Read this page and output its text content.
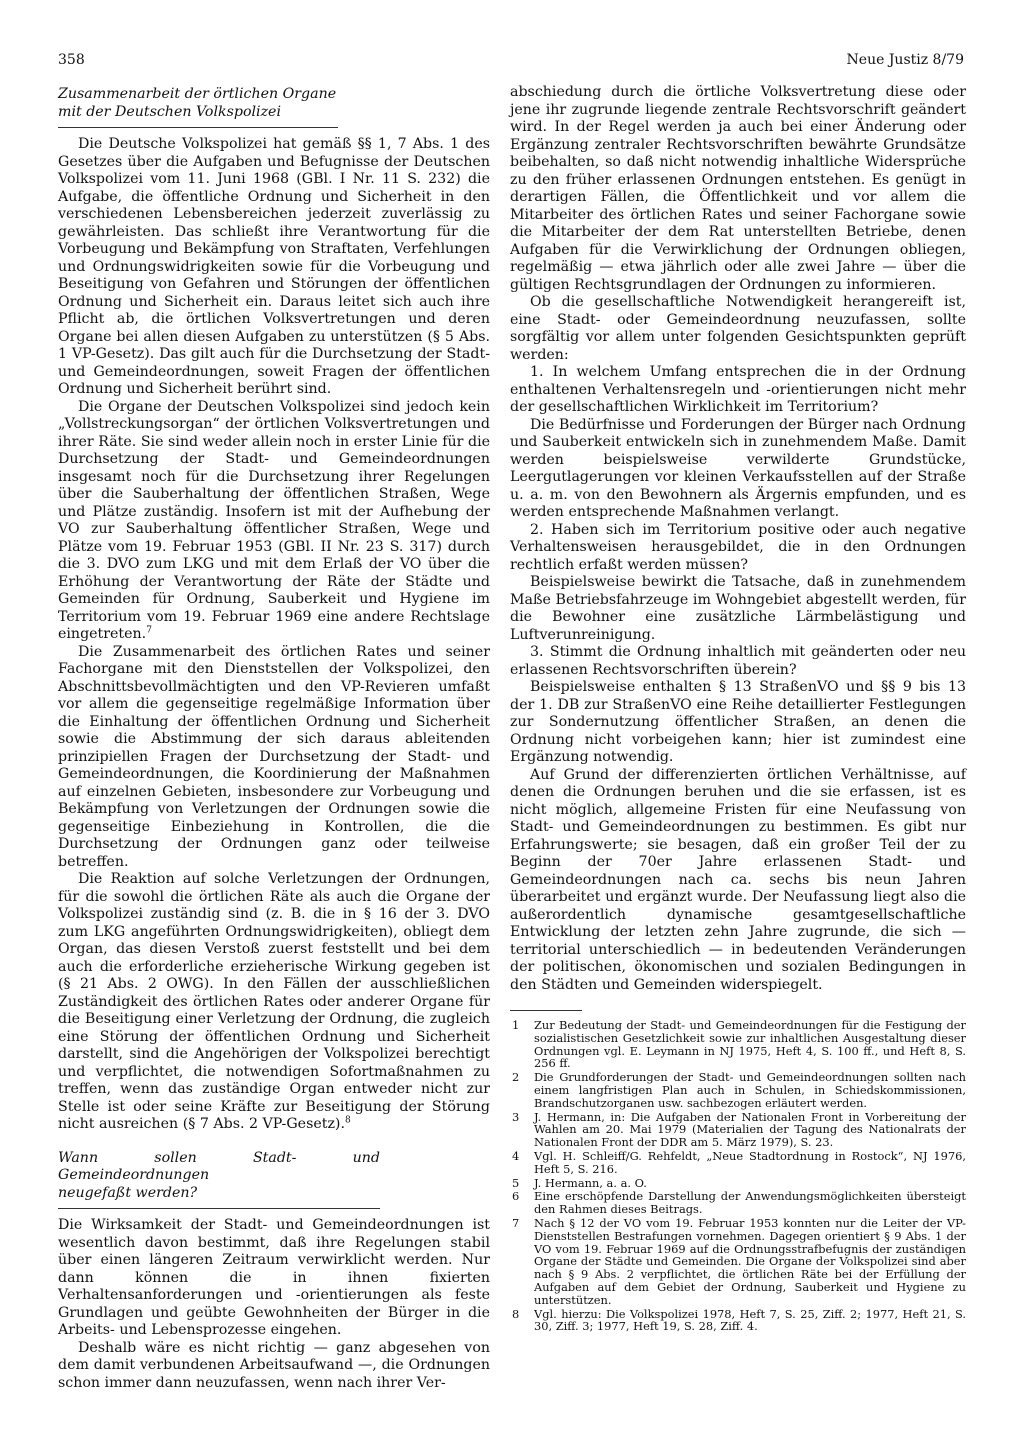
358	Neue Justiz 8/79
Zusammenarbeit der örtlichen Organe
mit der Deutschen Volkspolizei

Die Deutsche Volkspolizei hat gemäß §§ 1, 7 Abs. 1 des Gesetzes über die Aufgaben und Befugnisse der Deutschen Volkspolizei vom 11. Juni 1968 (GBl. I Nr. 11 S. 232) die Aufgabe, die öffentliche Ordnung und Sicherheit in den verschiedenen Lebensbereichen jederzeit zuverlässig zu gewährleisten. Das schließt ihre Verantwortung für die Vorbeugung und Bekämpfung von Straftaten, Verfehlungen und Ordnungswidrigkeiten sowie für die Vorbeugung und Beseitigung von Gefahren und Störungen der öffentlichen Ordnung und Sicherheit ein. Daraus leitet sich auch ihre Pflicht ab, die örtlichen Volksvertretungen und deren Organe bei allen diesen Aufgaben zu unterstützen (§ 5 Abs. 1 VP-Gesetz). Das gilt auch für die Durchsetzung der Stadt- und Gemeindeordnungen, soweit Fragen der öffentlichen Ordnung und Sicherheit berührt sind.

Die Organe der Deutschen Volkspolizei sind jedoch kein „Vollstreckungsorgan“ der örtlichen Volksvertretungen und ihrer Räte. Sie sind weder allein noch in erster Linie für die Durchsetzung der Stadt- und Gemeindeordnungen insgesamt noch für die Durchsetzung ihrer Regelungen über die Sauberhaltung der öffentlichen Straßen, Wege und Plätze zuständig. Insofern ist mit der Aufhebung der VO zur Sauberhaltung öffentlicher Straßen, Wege und Plätze vom 19. Februar 1953 (GBl. II Nr. 23 S. 317) durch die 3. DVO zum LKG und mit dem Erlaß der VO über die Erhöhung der Verantwortung der Räte der Städte und Gemeinden für Ordnung, Sauberkeit und Hygiene im Territorium vom 19. Februar 1969 eine andere Rechtslage eingetreten.$^7$

Die Zusammenarbeit des örtlichen Rates und seiner Fachorgane mit den Dienststellen der Volkspolizei, den Abschnittsbevollmächtigten und den VP-Revieren umfaßt vor allem die gegenseitige regelmäßige Information über die Einhaltung der öffentlichen Ordnung und Sicherheit sowie die Abstimmung der sich daraus ableitenden prinzipiellen Fragen der Durchsetzung der Stadt- und Gemeindeordnungen, die Koordinierung der Maßnahmen auf einzelnen Gebieten, insbesondere zur Vorbeugung und Bekämpfung von Verletzungen der Ordnungen sowie die gegenseitige Einbeziehung in Kontrollen, die die Durchsetzung der Ordnungen ganz oder teilweise betreffen.

Die Reaktion auf solche Verletzungen der Ordnungen, für die sowohl die örtlichen Räte als auch die Organe der Volkspolizei zuständig sind (z. B. die in § 16 der 3. DVO zum LKG angeführten Ordnungswidrigkeiten), obliegt dem Organ, das diesen Verstoß zuerst feststellt und bei dem auch die erforderliche erzieherische Wirkung gegeben ist (§ 21 Abs. 2 OWG). In den Fällen der ausschließlichen Zuständigkeit des örtlichen Rates oder anderer Organe für die Beseitigung einer Verletzung der Ordnung, die zugleich eine Störung der öffentlichen Ordnung und Sicherheit darstellt, sind die Angehörigen der Volkspolizei berechtigt und verpflichtet, die notwendigen Sofortmaßnahmen zu treffen, wenn das zuständige Organ entweder nicht zur Stelle ist oder seine Kräfte zur Beseitigung der Störung nicht ausreichen (§ 7 Abs. 2 VP-Gesetz).$^8$

Wann sollen Stadt- und Gemeindeordnungen
neugefaßt werden?

Die Wirksamkeit der Stadt- und Gemeindeordnungen ist wesentlich davon bestimmt, daß ihre Regelungen stabil über einen längeren Zeitraum verwirklicht werden. Nur dann können die in ihnen fixierten Verhaltensanforderungen und -orientierungen als feste Grundlagen und geübte Gewohnheiten der Bürger in die Arbeits- und Lebensprozesse eingehen.

Deshalb wäre es nicht richtig — ganz abgesehen von dem damit verbundenen Arbeitsaufwand —, die Ordnungen schon immer dann neuzufassen, wenn nach ihrer Ver-

abschiedung durch die örtliche Volksvertretung diese oder jene ihr zugrunde liegende zentrale Rechtsvorschrift geändert wird. In der Regel werden ja auch bei einer Änderung oder Ergänzung zentraler Rechtsvorschriften bewährte Grundsätze beibehalten, so daß nicht notwendig inhaltliche Widersprüche zu den früher erlassenen Ordnungen entstehen. Es genügt in derartigen Fällen, die Öffentlichkeit und vor allem die Mitarbeiter des örtlichen Rates und seiner Fachorgane sowie die Mitarbeiter der dem Rat unterstellten Betriebe, denen Aufgaben für die Verwirklichung der Ordnungen obliegen, regelmäßig — etwa jährlich oder alle zwei Jahre — über die gültigen Rechtsgrundlagen der Ordnungen zu informieren.

Ob die gesellschaftliche Notwendigkeit herangereift ist, eine Stadt- oder Gemeindeordnung neuzufassen, sollte sorgfältig vor allem unter folgenden Gesichtspunkten geprüft werden:

1. In welchem Umfang entsprechen die in der Ordnung enthaltenen Verhaltensregeln und -orientierungen nicht mehr der gesellschaftlichen Wirklichkeit im Territorium?

Die Bedürfnisse und Forderungen der Bürger nach Ordnung und Sauberkeit entwickeln sich in zunehmendem Maße. Damit werden beispielsweise verwilderte Grundstücke, Leergutlagerungen vor kleinen Verkaufsstellen auf der Straße u. a. m. von den Bewohnern als Ärgernis empfunden, und es werden entsprechende Maßnahmen verlangt.

2. Haben sich im Territorium positive oder auch negative Verhaltensweisen herausgebildet, die in den Ordnungen rechtlich erfaßt werden müssen?

Beispielsweise bewirkt die Tatsache, daß in zunehmendem Maße Betriebsfahrzeuge im Wohngebiet abgestellt werden, für die Bewohner eine zusätzliche Lärmbelästigung und Luftverunreinigung.

3. Stimmt die Ordnung inhaltlich mit geänderten oder neu erlassenen Rechtsvorschriften überein?

Beispielsweise enthalten § 13 StraßenVO und §§ 9 bis 13 der 1. DB zur StraßenVO eine Reihe detaillierter Festlegungen zur Sondernutzung öffentlicher Straßen, an denen die Ordnung nicht vorbeigehen kann; hier ist zumindest eine Ergänzung notwendig.

Auf Grund der differenzierten örtlichen Verhältnisse, auf denen die Ordnungen beruhen und die sie erfassen, ist es nicht möglich, allgemeine Fristen für eine Neufassung von Stadt- und Gemeindeordnungen zu bestimmen. Es gibt nur Erfahrungswerte; sie besagen, daß ein großer Teil der zu Beginn der 70er Jahre erlassenen Stadt- und Gemeindeordnungen nach ca. sechs bis neun Jahren überarbeitet und ergänzt wurde. Der Neufassung liegt also die außerordentlich dynamische gesamtgesellschaftliche Entwicklung der letzten zehn Jahre zugrunde, die sich — territorial unterschiedlich — in bedeutenden Veränderungen der politischen, ökonomischen und sozialen Bedingungen in den Städten und Gemeinden widerspiegelt.

1	Zur Bedeutung der Stadt- und Gemeindeordnungen für die Festigung der sozialistischen Gesetzlichkeit sowie zur inhaltlichen Ausgestaltung dieser Ordnungen vgl. E. Leymann in NJ 1975, Heft 4, S. 100 ff., und Heft 8, S. 256 ff.
2	Die Grundforderungen der Stadt- und Gemeindeordnungen sollten nach einem langfristigen Plan auch in Schulen, in Schiedskommissionen, Brandschutzorganen usw. sachbezogen erläutert werden.
3	J. Hermann, in: Die Aufgaben der Nationalen Front in Vorbereitung der Wahlen am 20. Mai 1979 (Materialien der Tagung des Nationalrats der Nationalen Front der DDR am 5. März 1979), S. 23.
4	Vgl. H. Schleiff/G. Rehfeldt, „Neue Stadtordnung in Rostock“, NJ 1976, Heft 5, S. 216.
5	J. Hermann, a. a. O.
6	Eine erschöpfende Darstellung der Anwendungsmöglichkeiten übersteigt den Rahmen dieses Beitrags.
7	Nach § 12 der VO vom 19. Februar 1953 konnten nur die Leiter der VP-Dienststellen Bestrafungen vornehmen. Dagegen orientiert § 9 Abs. 1 der VO vom 19. Februar 1969 auf die Ordnungsstrafbefugnis der zuständigen Organe der Städte und Gemeinden. Die Organe der Volkspolizei sind aber nach § 9 Abs. 2 verpflichtet, die örtlichen Räte bei der Erfüllung der Aufgaben auf dem Gebiet der Ordnung, Sauberkeit und Hygiene zu unterstützen.
8	Vgl. hierzu: Die Volkspolizei 1978, Heft 7, S. 25, Ziff. 2; 1977, Heft 21, S. 30, Ziff. 3; 1977, Heft 19, S. 28, Ziff. 4.
